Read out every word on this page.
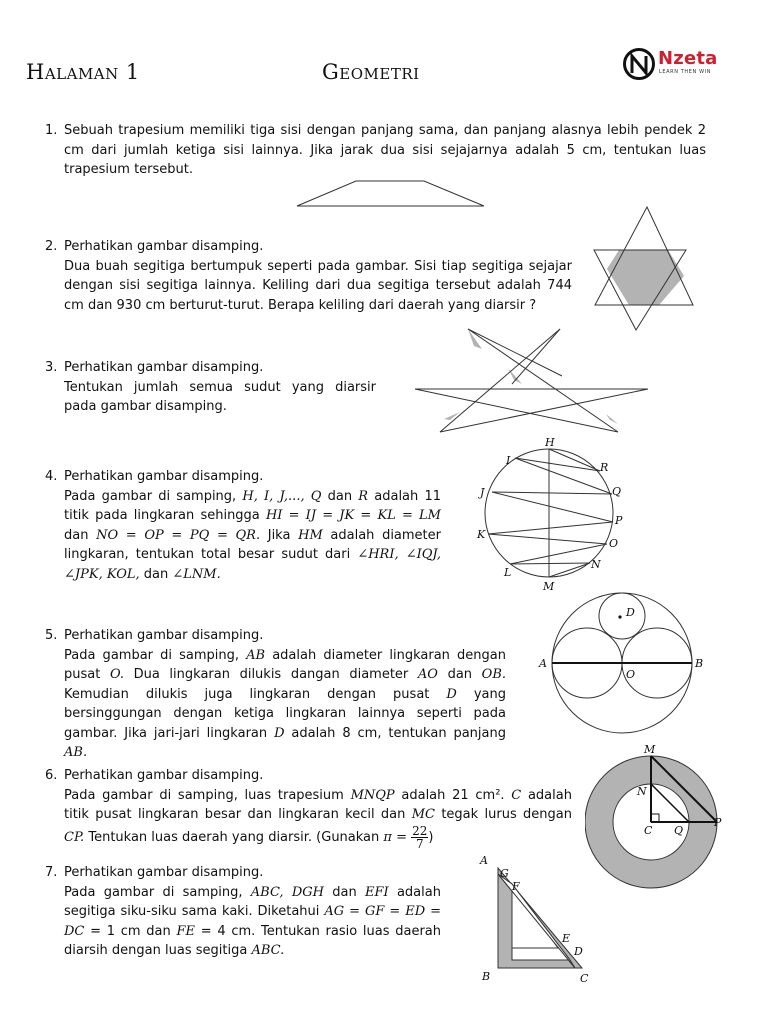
Halaman 1	Geometri
Nzeta
LEARN THEN WIN
1. Sebuah trapesium memiliki tiga sisi dengan panjang sama, dan panjang alasnya lebih pendek 2 cm dari jumlah ketiga sisi lainnya. Jika jarak dua sisi sejajarnya adalah 5 cm, tentukan luas trapesium tersebut.

2. Perhatikan gambar disamping.

Dua buah segitiga bertumpuk seperti pada gambar. Sisi tiap segitiga sejajar dengan sisi segitiga lainnya. Keliling dari dua segitiga tersebut adalah 744 cm dan 930 cm berturut-turut. Berapa keliling dari daerah yang diarsir ?

3. Perhatikan gambar disamping.

Tentukan jumlah semua sudut yang diarsir pada gambar disamping.

4. Perhatikan gambar disamping.

Pada gambar di samping, H, I, J,..., Q dan R adalah 11 titik pada lingkaran sehingga HI = IJ = JK = KL = LM dan NO = OP = PQ = QR. Jika HM adalah diameter lingkaran, tentukan total besar sudut dari ∠HRI, ∠IQJ, ∠JPK, KOL, dan ∠LNM.

H
I
J
K
L
M
N
O
P
Q
R
5. Perhatikan gambar disamping.

Pada gambar di samping, AB adalah diameter lingkaran dengan pusat O. Dua lingkaran dilukis dangan diameter AO dan OB. Kemudian dilukis juga lingkaran dengan pusat D yang bersinggungan dengan ketiga lingkaran lainnya seperti pada gambar. Jika jari-jari lingkaran D adalah 8 cm, tentukan panjang AB.

A	B
O
D
6. Perhatikan gambar disamping.

Pada gambar di samping, luas trapesium MNQP adalah 21 cm². C adalah titik pusat lingkaran besar dan lingkaran kecil dan MC tegak lurus dengan CP. Tentukan luas daerah yang diarsir. (Gunakan $\pi = \frac{22}{7}$ )

M
N
C Q
P
7. Perhatikan gambar disamping.

Pada gambar di samping, ABC, DGH dan EFI adalah segitiga siku-siku sama kaki. Diketahui AG = GF = ED = DC = 1 cm dan FE = 4 cm. Tentukan rasio luas daerah diarsih dengan luas segitiga ABC.

A
G
F
E
D
B	C
